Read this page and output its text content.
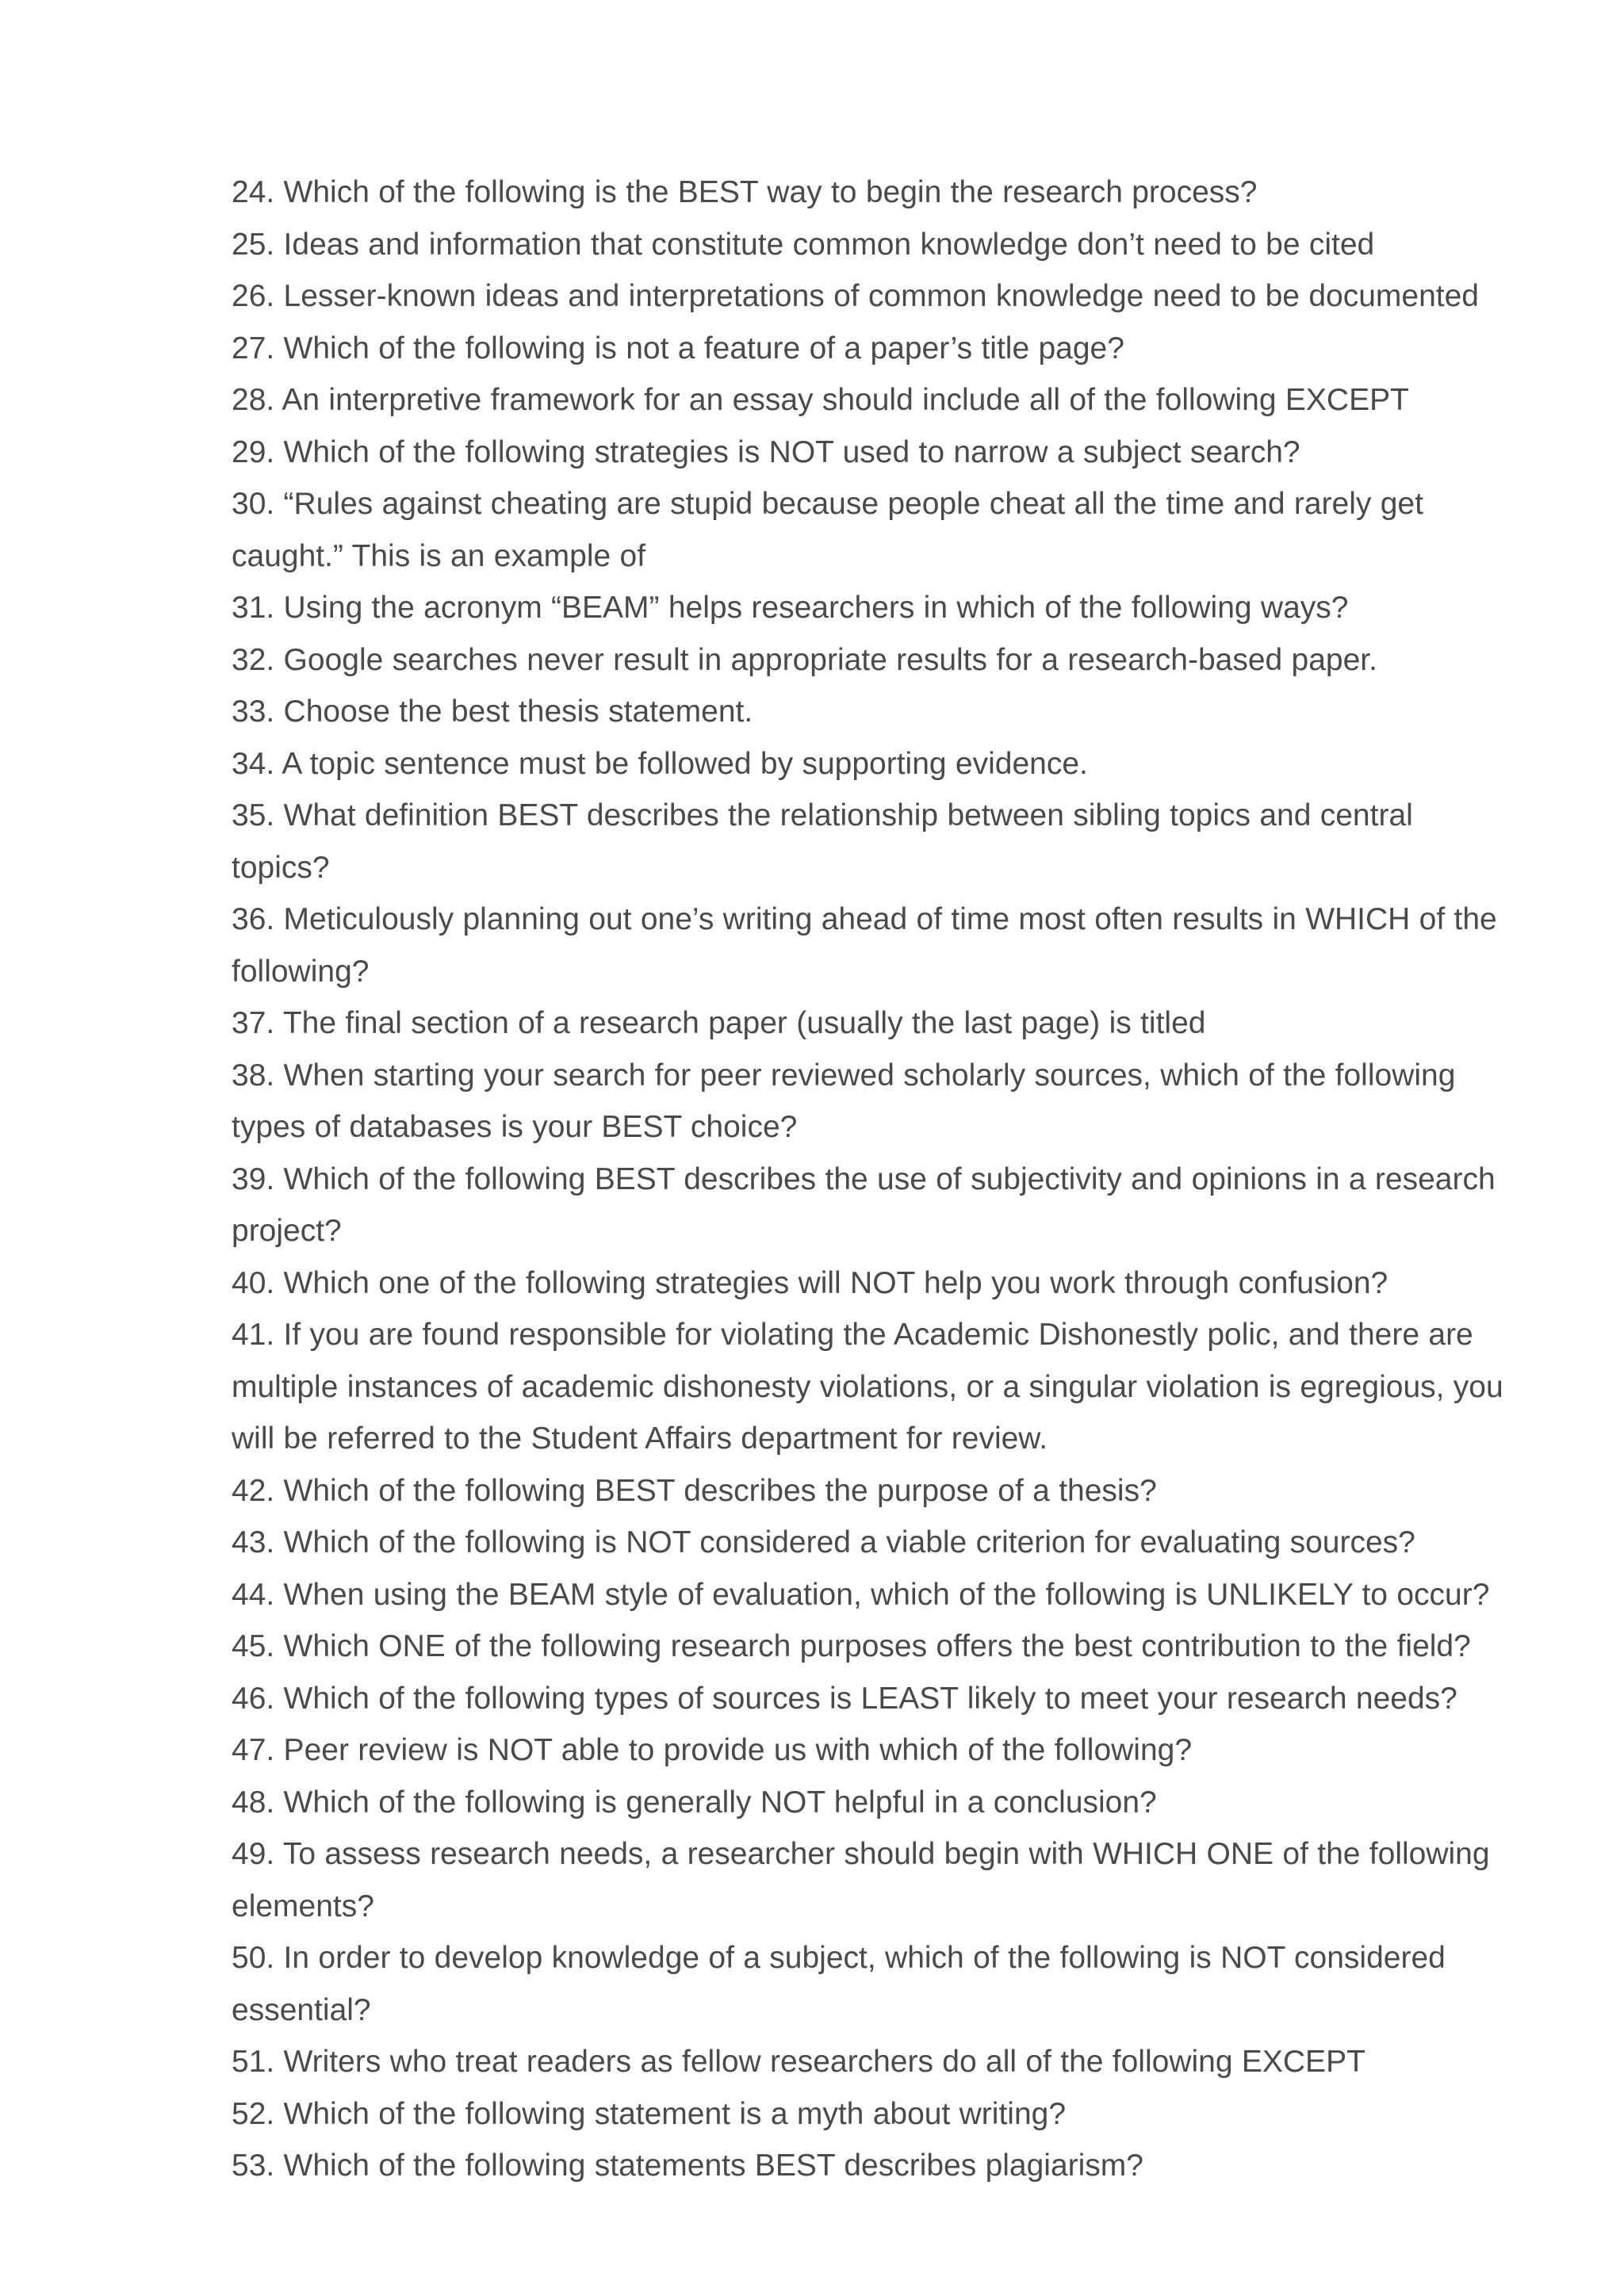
24. Which of the following is the BEST way to begin the research process?
25. Ideas and information that constitute common knowledge don’t need to be cited
26. Lesser-known ideas and interpretations of common knowledge need to be documented
27. Which of the following is not a feature of a paper’s title page?
28. An interpretive framework for an essay should include all of the following EXCEPT
29. Which of the following strategies is NOT used to narrow a subject search?
30. “Rules against cheating are stupid because people cheat all the time and rarely get caught.” This is an example of
31. Using the acronym “BEAM” helps researchers in which of the following ways?
32. Google searches never result in appropriate results for a research-based paper.
33. Choose the best thesis statement.
34. A topic sentence must be followed by supporting evidence.
35. What definition BEST describes the relationship between sibling topics and central topics?
36. Meticulously planning out one’s writing ahead of time most often results in WHICH of the following?
37. The final section of a research paper (usually the last page) is titled
38. When starting your search for peer reviewed scholarly sources, which of the following types of databases is your BEST choice?
39. Which of the following BEST describes the use of subjectivity and opinions in a research project?
40. Which one of the following strategies will NOT help you work through confusion?
41. If you are found responsible for violating the Academic Dishonestly polic, and there are multiple instances of academic dishonesty violations, or a singular violation is egregious, you will be referred to the Student Affairs department for review.
42. Which of the following BEST describes the purpose of a thesis?
43. Which of the following is NOT considered a viable criterion for evaluating sources?
44. When using the BEAM style of evaluation, which of the following is UNLIKELY to occur?
45. Which ONE of the following research purposes offers the best contribution to the field?
46. Which of the following types of sources is LEAST likely to meet your research needs?
47. Peer review is NOT able to provide us with which of the following?
48. Which of the following is generally NOT helpful in a conclusion?
49. To assess research needs, a researcher should begin with WHICH ONE of the following elements?
50. In order to develop knowledge of a subject, which of the following is NOT considered essential?
51. Writers who treat readers as fellow researchers do all of the following EXCEPT
52. Which of the following statement is a myth about writing?
53. Which of the following statements BEST describes plagiarism?
